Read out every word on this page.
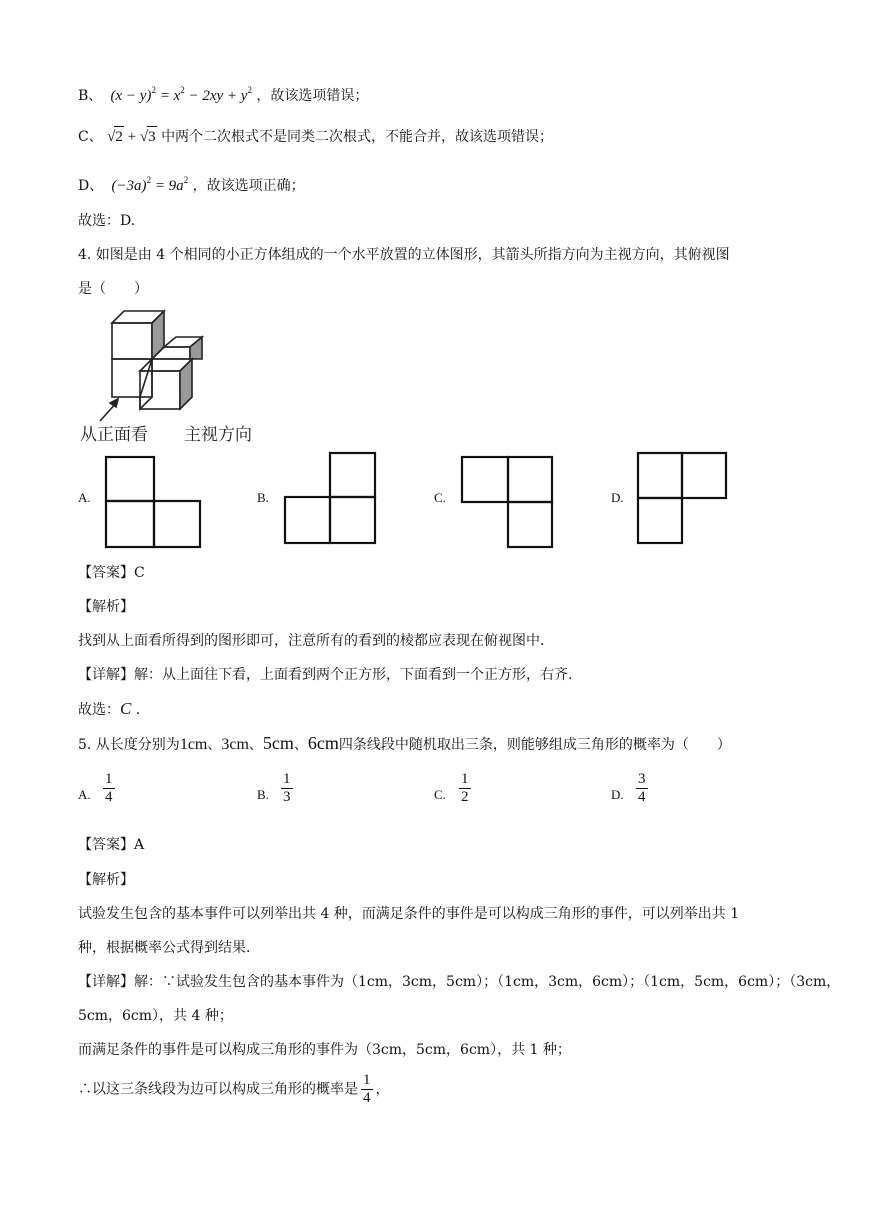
B、  $(x - y)^2 = x^2 - 2xy + y^2$ ，故该选项错误；
C、 √2 + √3 中两个二次根式不是同类二次根式，不能合并，故该选项错误；
D、  $(-3a)^2 = 9a^2$ ，故该选项正确；
故选：D.
4. 如图是由 4 个相同的小正方体组成的一个水平放置的立体图形，其箭头所指方向为主视方向，其俯视图
是（　　）
从正面看 主视方向
A.	B.	C.	D.
【答案】C
【解析】
找到从上面看所得到的图形即可，注意所有的看到的棱都应表现在俯视图中.
【详解】解：从上面往下看，上面看到两个正方形，下面看到一个正方形，右齐.
故选：C .
5. 从长度分别为1cm、3cm、5cm、6cm四条线段中随机取出三条，则能够组成三角形的概率为（　　）
A. $\frac{1}{4}$	B. $\frac{1}{3}$	C. $\frac{1}{2}$	D. $\frac{3}{4}$
【答案】A
【解析】
试验发生包含的基本事件可以列举出共 4 种，而满足条件的事件是可以构成三角形的事件，可以列举出共 1
种，根据概率公式得到结果.
【详解】解：∵试验发生包含的基本事件为（1cm，3cm，5cm）；（1cm，3cm，6cm）；（1cm，5cm，6cm）；（3cm，
5cm，6cm），共 4 种；
而满足条件的事件是可以构成三角形的事件为（3cm，5cm，6cm），共 1 种；
∴以这三条线段为边可以构成三角形的概率是 $\frac{1}{4}$ ，
